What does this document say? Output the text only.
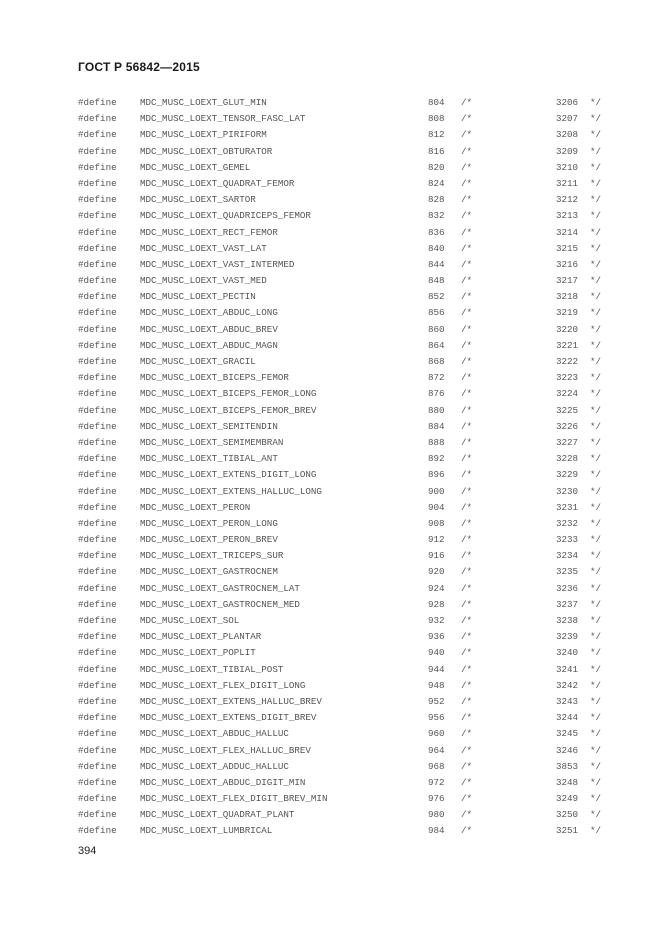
ГОСТ Р 56842—2015
#define	MDC_MUSC_LOEXT_GLUT_MIN	804 /*	3206 */
#define	MDC_MUSC_LOEXT_TENSOR_FASC_LAT	808 /*	3207 */
#define	MDC_MUSC_LOEXT_PIRIFORM	812 /*	3208 */
#define	MDC_MUSC_LOEXT_OBTURATOR	816 /*	3209 */
#define	MDC_MUSC_LOEXT_GEMEL	820 /*	3210 */
#define	MDC_MUSC_LOEXT_QUADRAT_FEMOR	824 /*	3211 */
#define	MDC_MUSC_LOEXT_SARTOR	828 /*	3212 */
#define	MDC_MUSC_LOEXT_QUADRICEPS_FEMOR	832 /*	3213 */
#define	MDC_MUSC_LOEXT_RECT_FEMOR	836 /*	3214 */
#define	MDC_MUSC_LOEXT_VAST_LAT	840 /*	3215 */
#define	MDC_MUSC_LOEXT_VAST_INTERMED	844 /*	3216 */
#define	MDC_MUSC_LOEXT_VAST_MED	848 /*	3217 */
#define	MDC_MUSC_LOEXT_PECTIN	852 /*	3218 */
#define	MDC_MUSC_LOEXT_ABDUC_LONG	856 /*	3219 */
#define	MDC_MUSC_LOEXT_ABDUC_BREV	860 /*	3220 */
#define	MDC_MUSC_LOEXT_ABDUC_MAGN	864 /*	3221 */
#define	MDC_MUSC_LOEXT_GRACIL	868 /*	3222 */
#define	MDC_MUSC_LOEXT_BICEPS_FEMOR	872 /*	3223 */
#define	MDC_MUSC_LOEXT_BICEPS_FEMOR_LONG	876 /*	3224 */
#define	MDC_MUSC_LOEXT_BICEPS_FEMOR_BREV	880 /*	3225 */
#define	MDC_MUSC_LOEXT_SEMITENDIN	884 /*	3226 */
#define	MDC_MUSC_LOEXT_SEMIMEMBRAN	888 /*	3227 */
#define	MDC_MUSC_LOEXT_TIBIAL_ANT	892 /*	3228 */
#define	MDC_MUSC_LOEXT_EXTENS_DIGIT_LONG	896 /*	3229 */
#define	MDC_MUSC_LOEXT_EXTENS_HALLUC_LONG	900 /*	3230 */
#define	MDC_MUSC_LOEXT_PERON	904 /*	3231 */
#define	MDC_MUSC_LOEXT_PERON_LONG	908 /*	3232 */
#define	MDC_MUSC_LOEXT_PERON_BREV	912 /*	3233 */
#define	MDC_MUSC_LOEXT_TRICEPS_SUR	916 /*	3234 */
#define	MDC_MUSC_LOEXT_GASTROCNEM	920 /*	3235 */
#define	MDC_MUSC_LOEXT_GASTROCNEM_LAT	924 /*	3236 */
#define	MDC_MUSC_LOEXT_GASTROCNEM_MED	928 /*	3237 */
#define	MDC_MUSC_LOEXT_SOL	932 /*	3238 */
#define	MDC_MUSC_LOEXT_PLANTAR	936 /*	3239 */
#define	MDC_MUSC_LOEXT_POPLIT	940 /*	3240 */
#define	MDC_MUSC_LOEXT_TIBIAL_POST	944 /*	3241 */
#define	MDC_MUSC_LOEXT_FLEX_DIGIT_LONG	948 /*	3242 */
#define	MDC_MUSC_LOEXT_EXTENS_HALLUC_BREV	952 /*	3243 */
#define	MDC_MUSC_LOEXT_EXTENS_DIGIT_BREV	956 /*	3244 */
#define	MDC_MUSC_LOEXT_ABDUC_HALLUC	960 /*	3245 */
#define	MDC_MUSC_LOEXT_FLEX_HALLUC_BREV	964 /*	3246 */
#define	MDC_MUSC_LOEXT_ADDUC_HALLUC	968 /*	3853 */
#define	MDC_MUSC_LOEXT_ABDUC_DIGIT_MIN	972 /*	3248 */
#define	MDC_MUSC_LOEXT_FLEX_DIGIT_BREV_MIN	976 /*	3249 */
#define	MDC_MUSC_LOEXT_QUADRAT_PLANT	980 /*	3250 */
#define	MDC_MUSC_LOEXT_LUMBRICAL	984 /*	3251 */
394
